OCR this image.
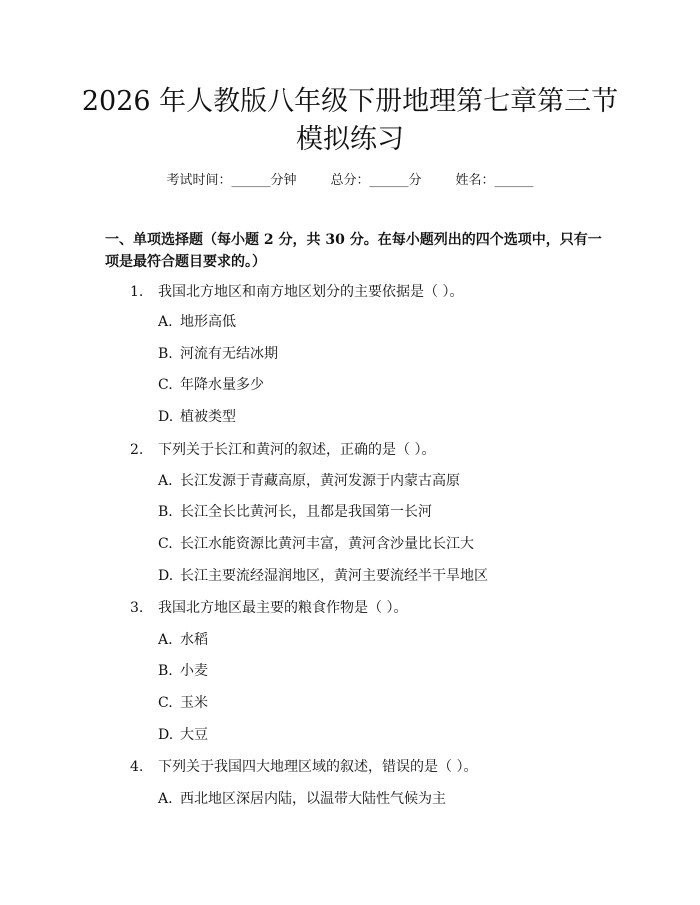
2026 年人教版八年级下册地理第七章第三节
模拟练习
考试时间：______分钟	总分：______分	姓名：______
一、单项选择题（每小题 2 分，共 30 分。在每小题列出的四个选项中，只有一项是最符合题目要求的。）
1. 我国北方地区和南方地区划分的主要依据是（ ）。
A. 地形高低
B. 河流有无结冰期
C. 年降水量多少
D. 植被类型
2. 下列关于长江和黄河的叙述，正确的是（ ）。
A. 长江发源于青藏高原，黄河发源于内蒙古高原
B. 长江全长比黄河长，且都是我国第一长河
C. 长江水能资源比黄河丰富，黄河含沙量比长江大
D. 长江主要流经湿润地区，黄河主要流经半干旱地区
3. 我国北方地区最主要的粮食作物是（ ）。
A. 水稻
B. 小麦
C. 玉米
D. 大豆
4. 下列关于我国四大地理区域的叙述，错误的是（ ）。
A. 西北地区深居内陆，以温带大陆性气候为主
